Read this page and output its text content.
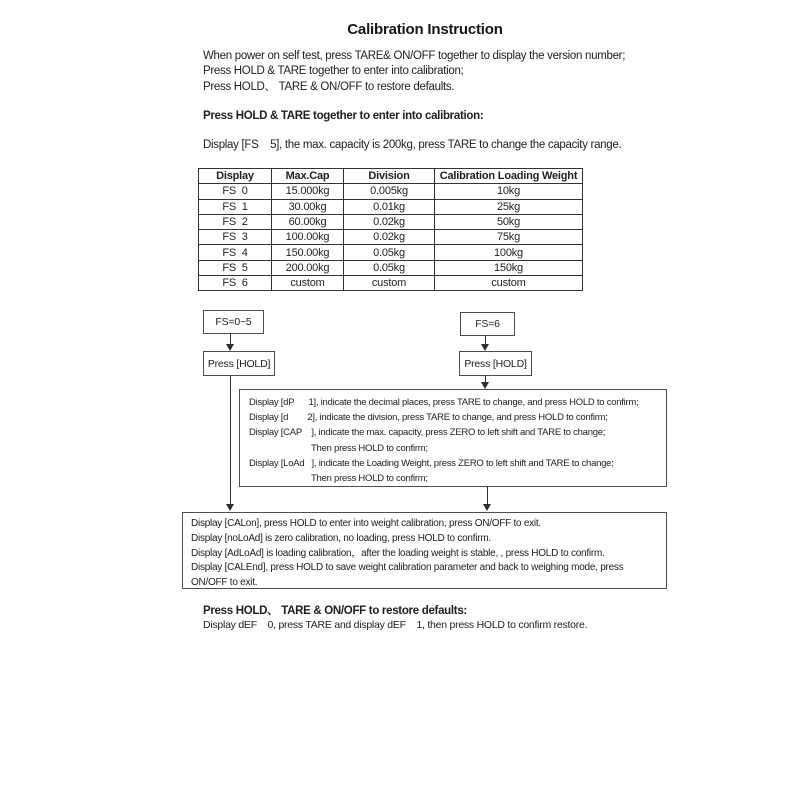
Calibration Instruction
When power on self test, press TARE& ON/OFF together to display the version number;
Press HOLD & TARE together to enter into calibration;
Press HOLD、 TARE & ON/OFF to restore defaults.
Press HOLD & TARE together to enter into calibration:
Display [FS    5], the max. capacity is 200kg, press TARE to change the capacity range.
Display	Max.Cap	Division	Calibration Loading Weight
FS  0	15.000kg	0.005kg	10kg
FS  1	30.00kg	0.01kg	25kg
FS  2	60.00kg	0.02kg	50kg
FS  3	100.00kg	0.02kg	75kg
FS  4	150.00kg	0.05kg	100kg
FS  5	200.00kg	0.05kg	150kg
FS  6	custom	custom	custom
FS=0~5
Press [HOLD]
FS=6
Press [HOLD]
Display [dP      1], indicate the decimal places, press TARE to change, and press HOLD to confirm;
Display [d        2], indicate the division, press TARE to change, and press HOLD to confirm;
Display [CAP    ], indicate the max. capacity, press ZERO to left shift and TARE to change;
Then press HOLD to confirm;
Display [LoAd   ], indicate the Loading Weight, press ZERO to left shift and TARE to change;
Then press HOLD to confirm;
Display [CALon], press HOLD to enter into weight calibration, press ON/OFF to exit.
Display [noLoAd] is zero calibration, no loading, press HOLD to confirm.
Display [AdLoAd] is loading calibration，after the loading weight is stable, , press HOLD to confirm.
Display [CALEnd], press HOLD to save weight calibration parameter and back to weighing mode, press
ON/OFF to exit.
Press HOLD、 TARE & ON/OFF to restore defaults:
Display dEF    0, press TARE and display dEF    1, then press HOLD to confirm restore.
